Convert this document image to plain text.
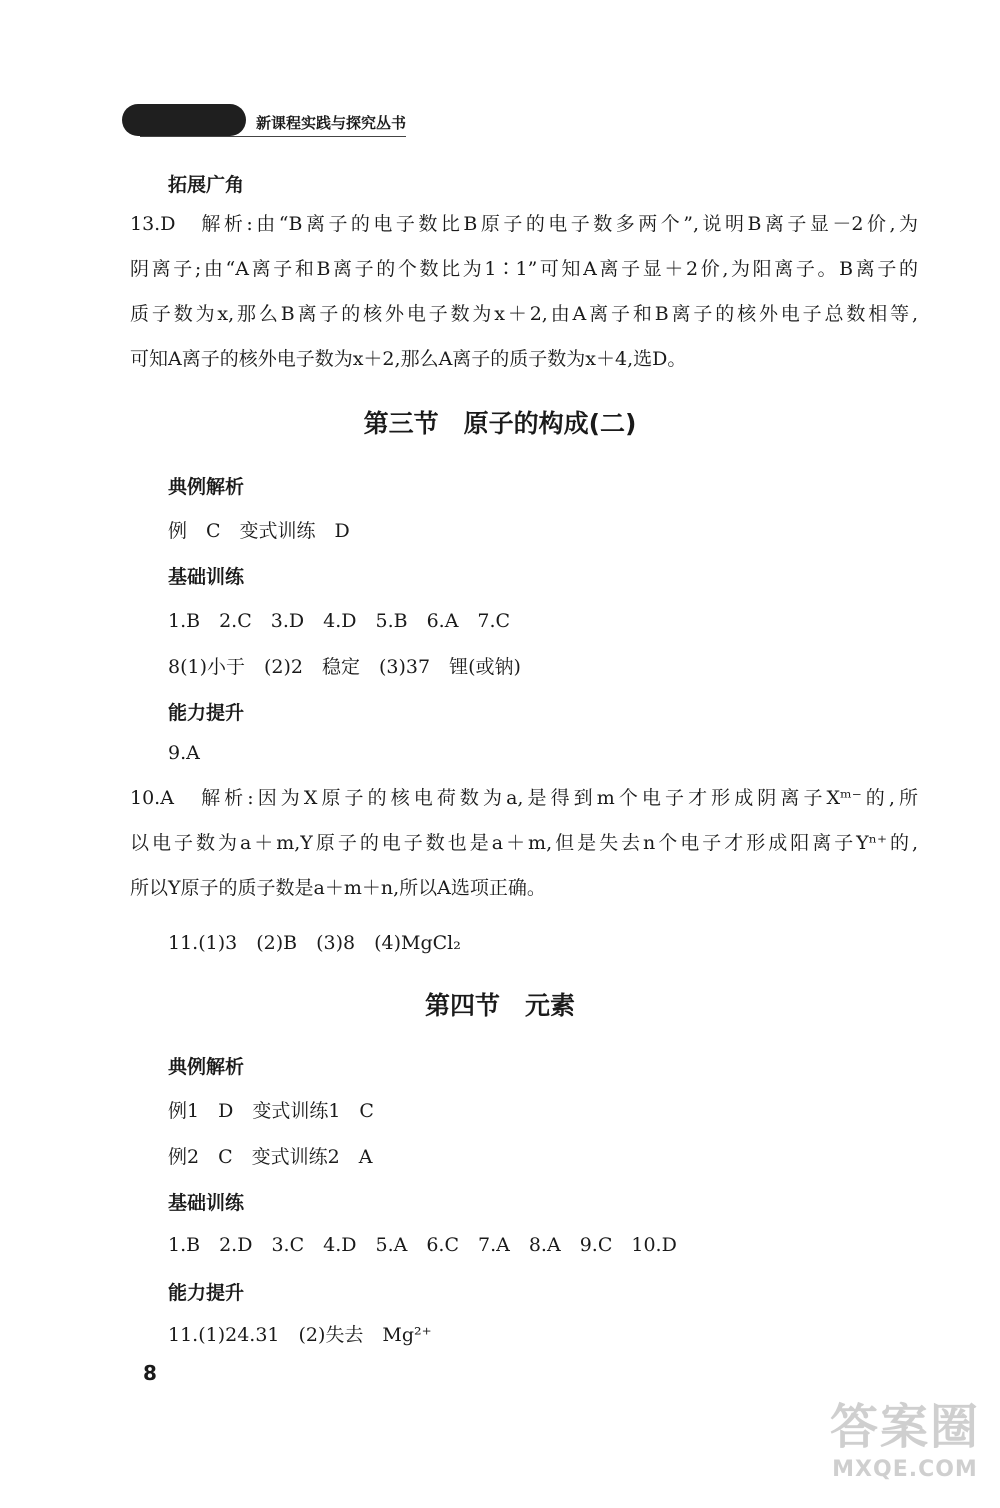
新课程实践与探究丛书
拓展广角
13.D　解析:由“B离子的电子数比B原子的电子数多两个”,说明B离子显－2价,为
阴离子;由“A离子和B离子的个数比为1∶1”可知A离子显＋2价,为阳离子。B离子的
质子数为x,那么B离子的核外电子数为x＋2,由A离子和B离子的核外电子总数相等,
可知A离子的核外电子数为x＋2,那么A离子的质子数为x＋4,选D。
第三节　原子的构成(二)
典例解析
例　C　变式训练　D
基础训练
1.B　2.C　3.D　4.D　5.B　6.A　7.C
8(1)小于　(2)2　稳定　(3)37　锂(或钠)
能力提升
9.A
10.A　解析:因为X原子的核电荷数为a,是得到m个电子才形成阴离子Xᵐ⁻的,所
以电子数为a＋m,Y原子的电子数也是a＋m,但是失去n个电子才形成阳离子Yⁿ⁺的,
所以Y原子的质子数是a＋m＋n,所以A选项正确。
11.(1)3　(2)B　(3)8　(4)MgCl₂
第四节　元素
典例解析
例1　D　变式训练1　C
例2　C　变式训练2　A
基础训练
1.B　2.D　3.C　4.D　5.A　6.C　7.A　8.A　9.C　10.D
能力提升
11.(1)24.31　(2)失去　Mg²⁺
8
答案圈
MXQE.COM
